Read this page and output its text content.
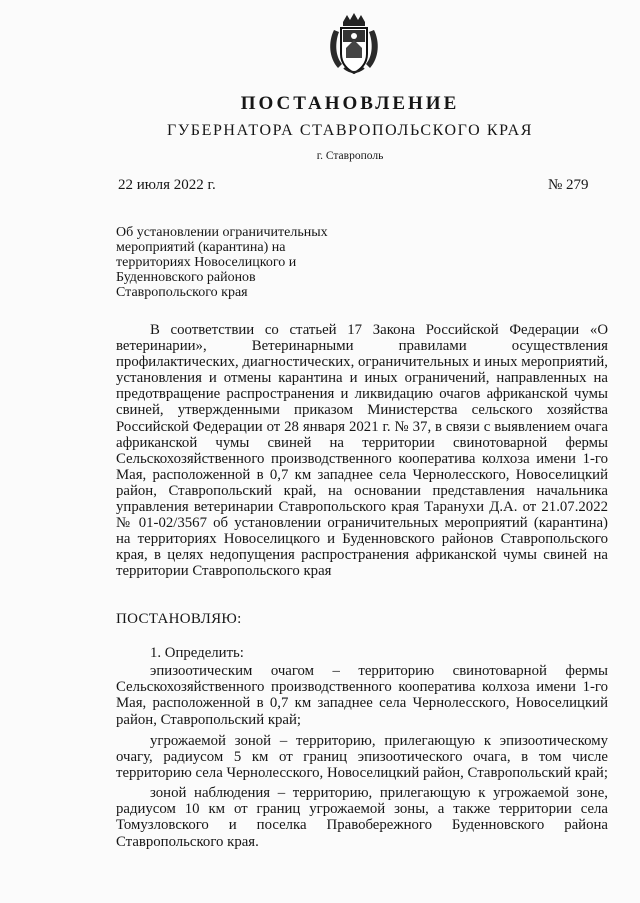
ПОСТАНОВЛЕНИЕ
ГУБЕРНАТОРА СТАВРОПОЛЬСКОГО КРАЯ
г. Ставрополь
22 июля 2022 г.	№ 279
Об установлении ограничительных мероприятий (карантина) на территориях Новоселицкого и Буденновского районов Ставропольского края
В соответствии со статьей 17 Закона Российской Федерации «О ветеринарии», Ветеринарными правилами осуществления профилактических, диагностических, ограничительных и иных мероприятий, установления и отмены карантина и иных ограничений, направленных на предотвращение распространения и ликвидацию очагов африканской чумы свиней, утвержденными приказом Министерства сельского хозяйства Российской Федерации от 28 января 2021 г. № 37, в связи с выявлением очага африканской чумы свиней на территории свинотоварной фермы Сельскохозяйственного производственного кооператива колхоза имени 1-го Мая, расположенной в 0,7 км западнее села Чернолесского, Новоселицкий район, Ставропольский край, на основании представления начальника управления ветеринарии Ставропольского края Таранухи Д.А. от 21.07.2022 № 01-02/3567 об установлении ограничительных мероприятий (карантина) на территориях Новоселицкого и Буденновского районов Ставропольского края, в целях недопущения распространения африканской чумы свиней на территории Ставропольского края
ПОСТАНОВЛЯЮ:
1. Определить:
эпизоотическим очагом – территорию свинотоварной фермы Сельскохозяйственного производственного кооператива колхоза имени 1-го Мая, расположенной в 0,7 км западнее села Чернолесского, Новоселицкий район, Ставропольский край;
угрожаемой зоной – территорию, прилегающую к эпизоотическому очагу, радиусом 5 км от границ эпизоотического очага, в том числе территорию села Чернолесского, Новоселицкий район, Ставропольский край;
зоной наблюдения – территорию, прилегающую к угрожаемой зоне, радиусом 10 км от границ угрожаемой зоны, а также территории села Томузловского и поселка Правобережного Буденновского района Ставропольского края.
